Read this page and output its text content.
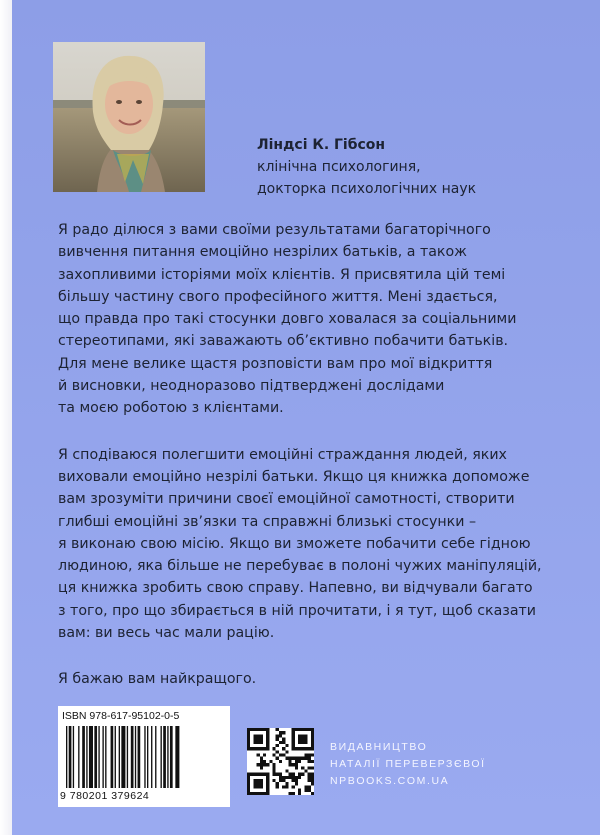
Ліндсі К. Гібсон
клінічна психологиня,
докторка психологічних наук

Я радо ділюся з вами своїми результатами багаторічного
вивчення питання емоційно незрілих батьків, а також
захопливими історіями моїх клієнтів. Я присвятила цій темі
більшу частину свого професійного життя. Мені здається,
що правда про такі стосунки довго ховалася за соціальними
стереотипами, які заважають об’єктивно побачити батьків.
Для мене велике щастя розповісти вам про мої відкриття
й висновки, неодноразово підтверджені дослідами
та моєю роботою з клієнтами.

Я сподіваюся полегшити емоційні страждання людей, яких
виховали емоційно незрілі батьки. Якщо ця книжка допоможе
вам зрозуміти причини своєї емоційної самотності, створити
глибші емоційні зв’язки та справжні близькі стосунки –
я виконаю свою місію. Якщо ви зможете побачити себе гідною
людиною, яка більше не перебуває в полоні чужих маніпуляцій,
ця книжка зробить свою справу. Напевно, ви відчували багато
з того, про що збирається в ній прочитати, і я тут, щоб сказати
вам: ви весь час мали рацію.

Я бажаю вам найкращого.

ISBN 978-617-95102-0-5
9 780201 379624
ВИДАВНИЦТВО
НАТАЛІЇ ПЕРЕВЕРЗЄВОЇ
NPBOOKS.COM.UA
